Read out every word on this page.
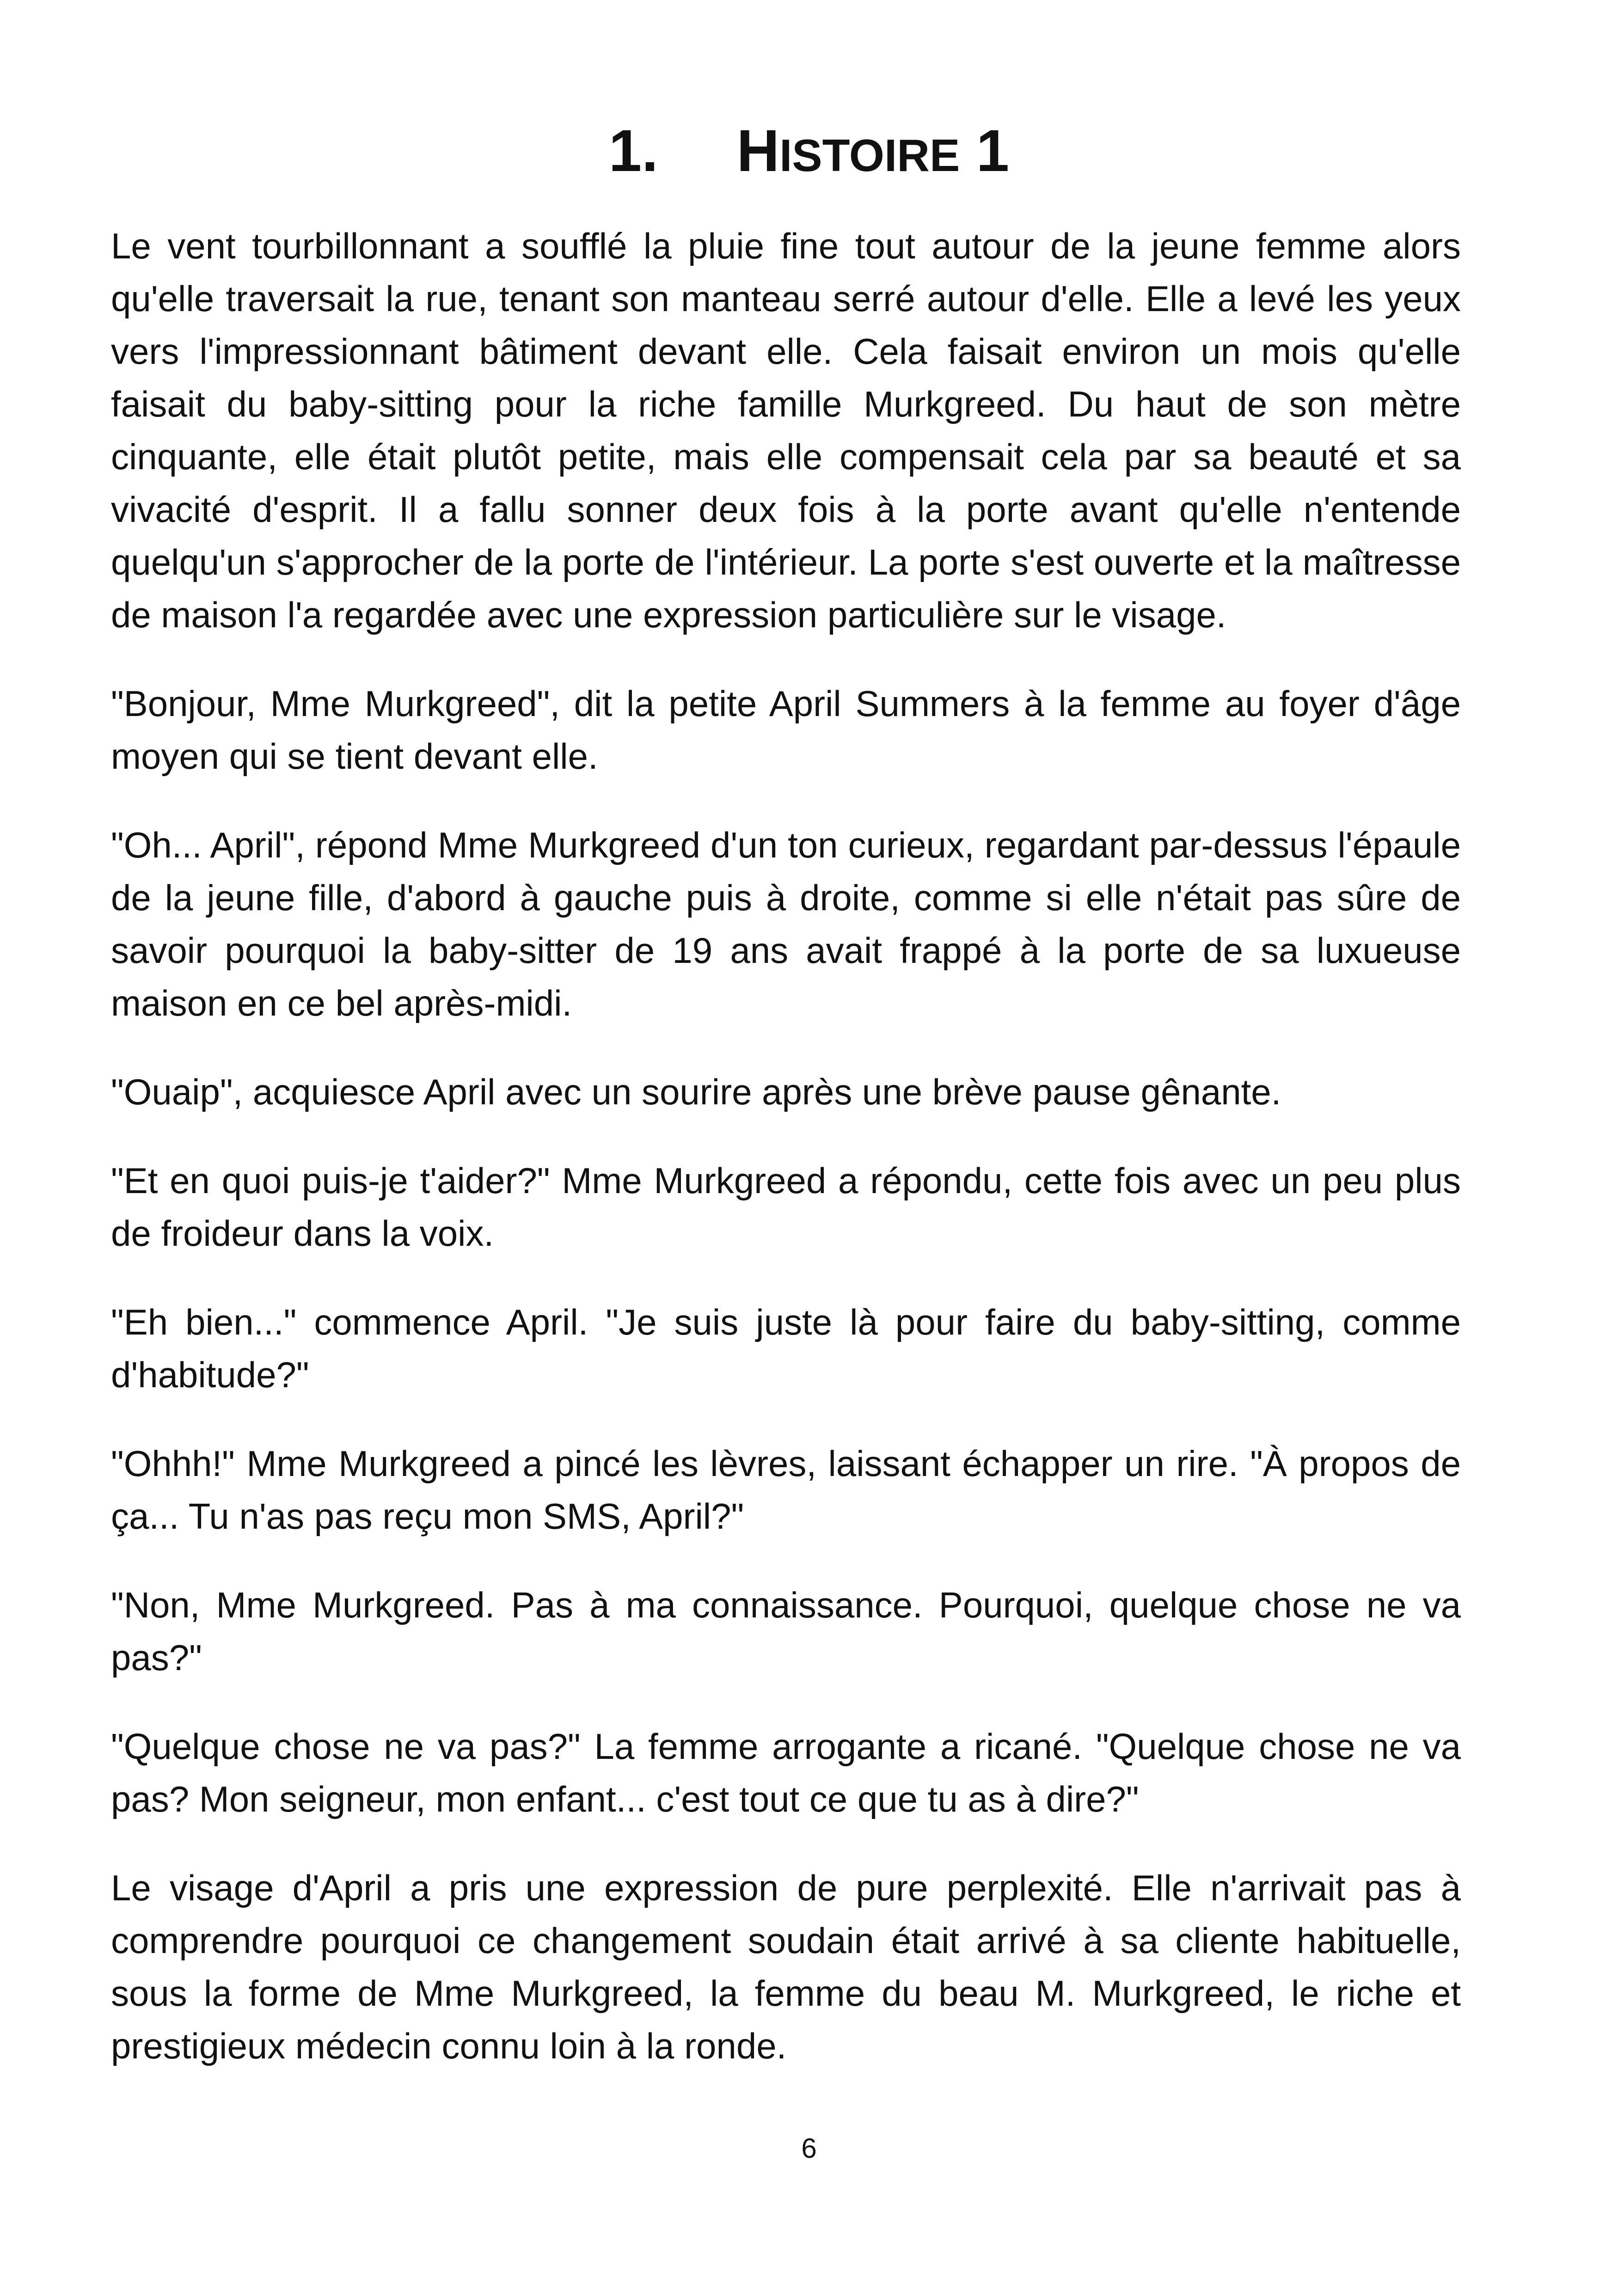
1. HISTOIRE 1

Le vent tourbillonnant a soufflé la pluie fine tout autour de la jeune femme alors qu'elle traversait la rue, tenant son manteau serré autour d'elle. Elle a levé les yeux vers l'impressionnant bâtiment devant elle. Cela faisait environ un mois qu'elle faisait du baby-sitting pour la riche famille Murkgreed. Du haut de son mètre cinquante, elle était plutôt petite, mais elle compensait cela par sa beauté et sa vivacité d'esprit. Il a fallu sonner deux fois à la porte avant qu'elle n'entende quelqu'un s'approcher de la porte de l'intérieur. La porte s'est ouverte et la maîtresse de maison l'a regardée avec une expression particulière sur le visage.

"Bonjour, Mme Murkgreed", dit la petite April Summers à la femme au foyer d'âge moyen qui se tient devant elle.

"Oh... April", répond Mme Murkgreed d'un ton curieux, regardant par-dessus l'épaule de la jeune fille, d'abord à gauche puis à droite, comme si elle n'était pas sûre de savoir pourquoi la baby-sitter de 19 ans avait frappé à la porte de sa luxueuse maison en ce bel après-midi.

"Ouaip", acquiesce April avec un sourire après une brève pause gênante.

"Et en quoi puis-je t'aider?" Mme Murkgreed a répondu, cette fois avec un peu plus de froideur dans la voix.

"Eh bien..." commence April. "Je suis juste là pour faire du baby-sitting, comme d'habitude?"

"Ohhh!" Mme Murkgreed a pincé les lèvres, laissant échapper un rire. "À propos de ça... Tu n'as pas reçu mon SMS, April?"

"Non, Mme Murkgreed. Pas à ma connaissance. Pourquoi, quelque chose ne va pas?"

"Quelque chose ne va pas?" La femme arrogante a ricané. "Quelque chose ne va pas? Mon seigneur, mon enfant... c'est tout ce que tu as à dire?"

Le visage d'April a pris une expression de pure perplexité. Elle n'arrivait pas à comprendre pourquoi ce changement soudain était arrivé à sa cliente habituelle, sous la forme de Mme Murkgreed, la femme du beau M. Murkgreed, le riche et prestigieux médecin connu loin à la ronde.

6
